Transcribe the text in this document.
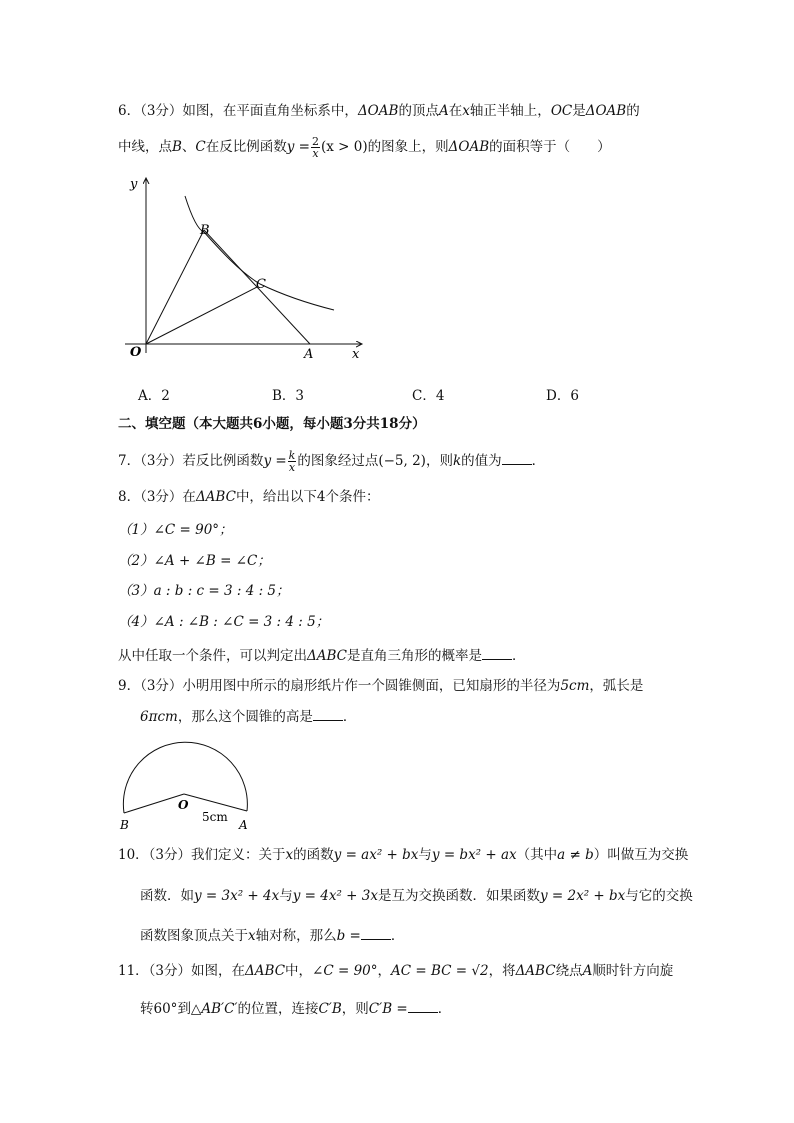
6．（3分）如图，在平面直角坐标系中，ΔOAB的顶点A在x轴正半轴上，OC是ΔOAB的
中线，点B、C在反比例函数$y = \frac{2}{x} (x > 0)$的图象上，则ΔOAB的面积等于（　　）
y
x
O	A
B
C
A．2	B．3	C．4	D．6
二、填空题（本大题共6小题，每小题3分共18分）
7．（3分）若反比例函数$y = \frac{k}{x}$ 的图象经过点(−5, 2)，则k的值为 ．
8．（3分）在ΔABC中，给出以下4个条件：
（1）∠C = 90°；
（2）∠A + ∠B = ∠C；
（3）a : b : c = 3 : 4 : 5；
（4）∠A : ∠B : ∠C = 3 : 4 : 5；
从中任取一个条件，可以判定出ΔABC是直角三角形的概率是 ．
9．（3分）小明用图中所示的扇形纸片作一个圆锥侧面，已知扇形的半径为5cm，弧长是
6πcm，那么这个圆锥的高是 ．
O
B	A
5cm
10．（3分）我们定义：关于x的函数y = ax² + bx与y = bx² + ax（其中a ≠ b）叫做互为交换
函数．如y = 3x² + 4x与y = 4x² + 3x是互为交换函数．如果函数y = 2x² + bx与它的交换
函数图象顶点关于x轴对称，那么b = ．
11．（3分）如图，在ΔABC中，∠C = 90°，AC = BC = √2，将ΔABC绕点A顺时针方向旋
转60°到△AB′C′的位置，连接C′B，则C′B = ．
